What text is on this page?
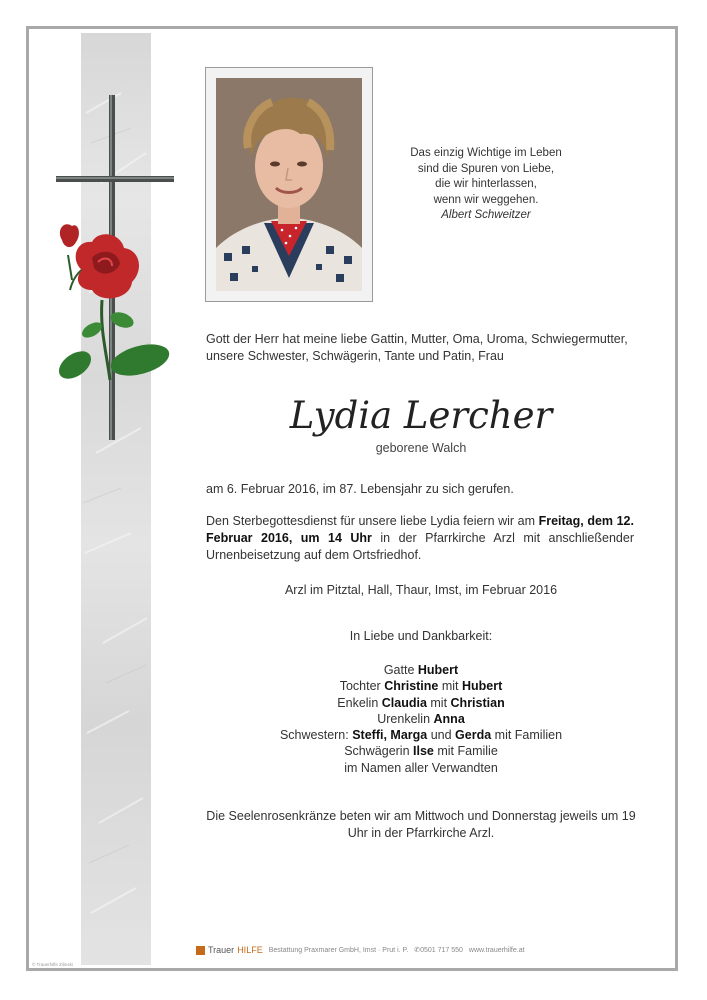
Das einzig Wichtige im Leben
sind die Spuren von Liebe,
die wir hinterlassen,
wenn wir weggehen.
Albert Schweitzer
Gott der Herr hat meine liebe Gattin, Mutter, Oma, Uroma, Schwiegermutter, unsere Schwester, Schwägerin, Tante und Patin, Frau
Lydia Lercher
geborene Walch
am 6. Februar 2016, im 87. Lebensjahr zu sich gerufen.
Den Sterbegottesdienst für unsere liebe Lydia feiern wir am Freitag, dem 12. Februar 2016, um 14 Uhr in der Pfarrkirche Arzl mit anschließender Urnenbeisetzung auf dem Ortsfriedhof.
Arzl im Pitztal, Hall, Thaur, Imst, im Februar 2016
In Liebe und Dankbarkeit:
Gatte Hubert
Tochter Christine mit Hubert
Enkelin Claudia mit Christian
Urenkelin Anna
Schwestern: Steffi, Marga und Gerda mit Familien
Schwägerin Ilse mit Familie
im Namen aller Verwandten
Die Seelenrosenkränze beten wir am Mittwoch und Donnerstag jeweils um 19 Uhr in der Pfarrkirche Arzl.
Trauer HILFE Bestattung Praxmarer GmbH, Imst · Prut i. P. ✆0501 717 550 www.trauerhilfe.at
© Trauerhilfe Zilinski
